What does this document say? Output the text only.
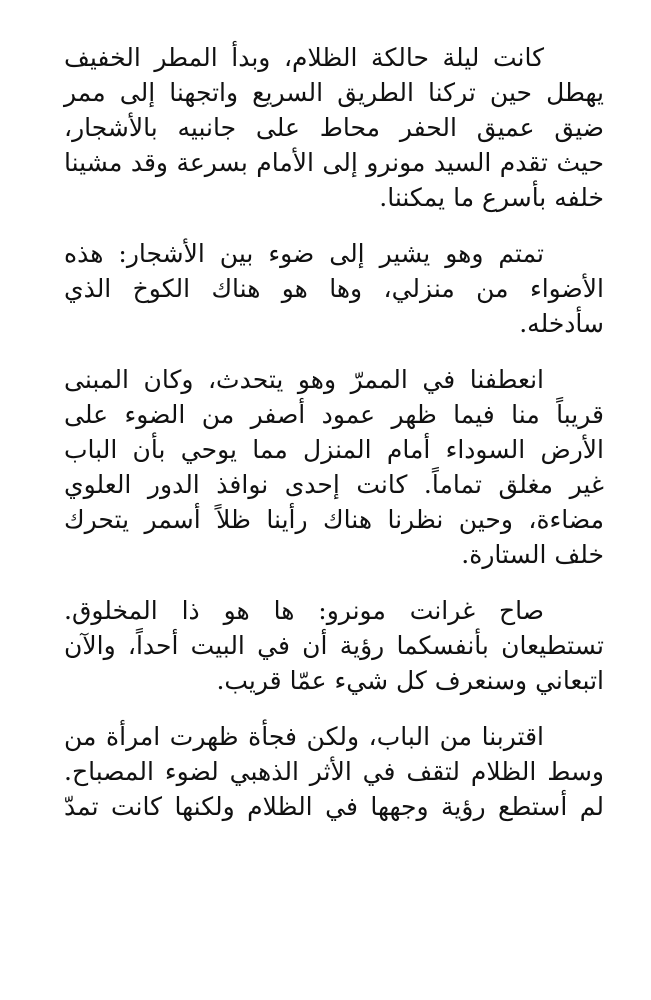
كانت ليلة حالكة الظلام، وبدأ المطر الخفيف
يهطل حين تركنا الطريق السريع واتجهنا إلى ممر
ضيق عميق الحفر محاط على جانبيه بالأشجار،
حيث تقدم السيد مونرو إلى الأمام بسرعة وقد مشينا
خلفه بأسرع ما يمكننا.

تمتم وهو يشير إلى ضوء بين الأشجار: هذه
الأضواء من منزلي، وها هو هناك الكوخ الذي
سأدخله.

انعطفنا في الممرّ وهو يتحدث، وكان المبنى
قريباً منا فيما ظهر عمود أصفر من الضوء على
الأرض السوداء أمام المنزل مما يوحي بأن الباب
غير مغلق تماماً. كانت إحدى نوافذ الدور العلوي
مضاءة، وحين نظرنا هناك رأينا ظلاً أسمر يتحرك
خلف الستارة.

صاح غرانت مونرو: ها هو ذا المخلوق.
تستطيعان بأنفسكما رؤية أن في البيت أحداً، والآن
اتبعاني وسنعرف كل شيء عمّا قريب.

اقتربنا من الباب، ولكن فجأة ظهرت امرأة من
وسط الظلام لتقف في الأثر الذهبي لضوء المصباح.
لم أستطع رؤية وجهها في الظلام ولكنها كانت تمدّ
